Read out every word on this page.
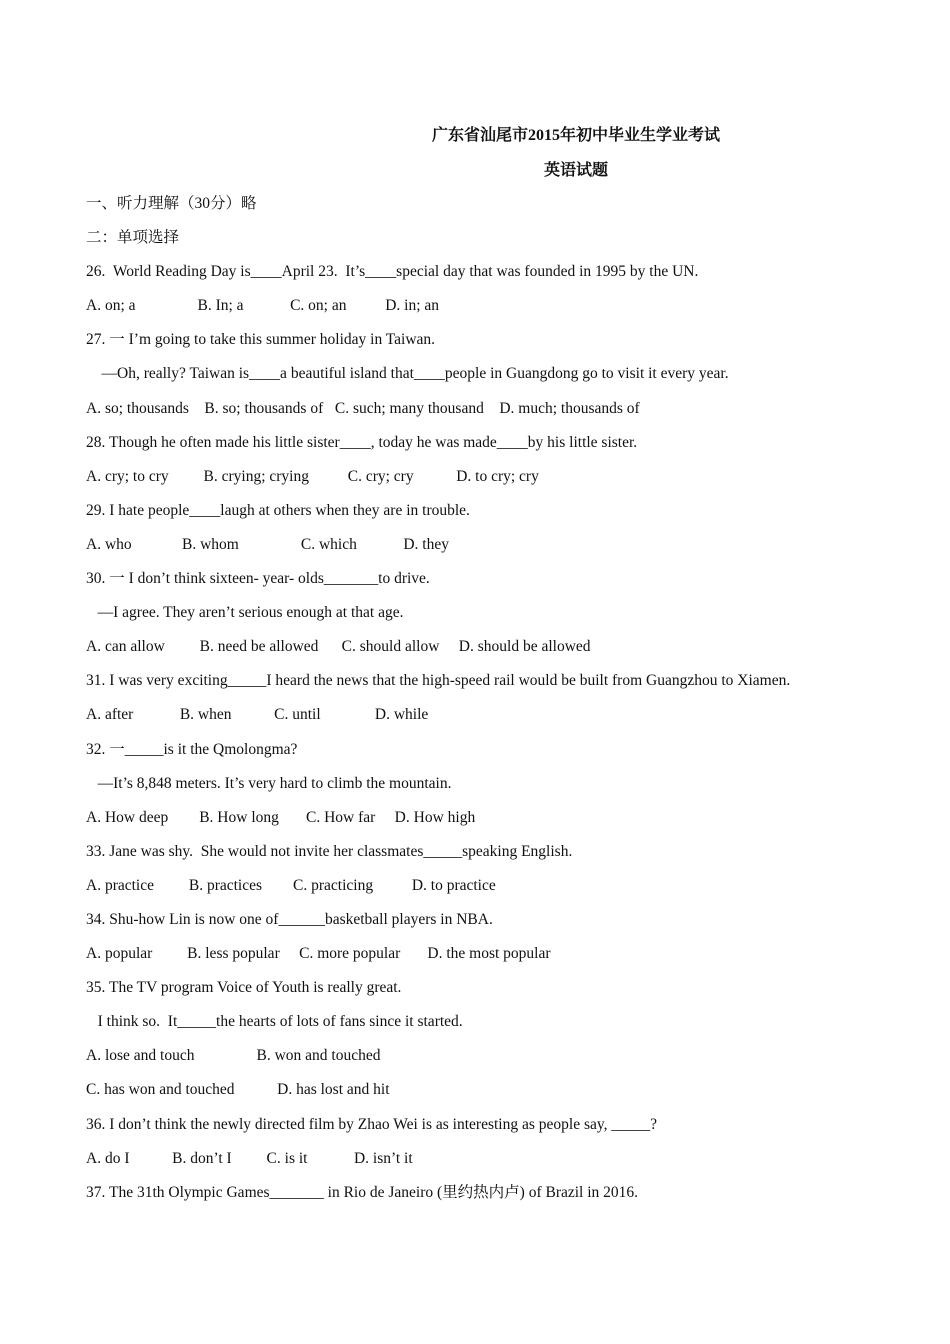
广东省汕尾市2015年初中毕业生学业考试
英语试题
一、听力理解（30分）略
二：单项选择
26.  World Reading Day is____April 23.  It’s____special day that was founded in 1995 by the UN.
A. on; a                B. In; a            C. on; an          D. in; an
27. 一 I’m going to take this summer holiday in Taiwan.
—Oh, really? Taiwan is____a beautiful island that____people in Guangdong go to visit it every year.
A. so; thousands    B. so; thousands of   C. such; many thousand    D. much; thousands of
28. Though he often made his little sister____, today he was made____by his little sister.
A. cry; to cry         B. crying; crying          C. cry; cry           D. to cry; cry
29. I hate people____laugh at others when they are in trouble.
A. who             B. whom                C. which            D. they
30. 一 I don’t think sixteen- year- olds_______to drive.
—I agree. They aren’t serious enough at that age.
A. can allow         B. need be allowed      C. should allow     D. should be allowed
31. I was very exciting_____I heard the news that the high-speed rail would be built from Guangzhou to Xiamen.
A. after            B. when           C. until              D. while
32. 一_____is it the Qmolongma?
—It’s 8,848 meters. It’s very hard to climb the mountain.
A. How deep        B. How long       C. How far     D. How high
33. Jane was shy.  She would not invite her classmates_____speaking English.
A. practice         B. practices        C. practicing          D. to practice
34. Shu-how Lin is now one of______basketball players in NBA.
A. popular         B. less popular     C. more popular       D. the most popular
35. The TV program Voice of Youth is really great.
I think so.  It_____the hearts of lots of fans since it started.
A. lose and touch                B. won and touched
C. has won and touched           D. has lost and hit
36. I don’t think the newly directed film by Zhao Wei is as interesting as people say, _____?
A. do I           B. don’t I         C. is it            D. isn’t it
37. The 31th Olympic Games_______ in Rio de Janeiro (里约热内卢) of Brazil in 2016.
